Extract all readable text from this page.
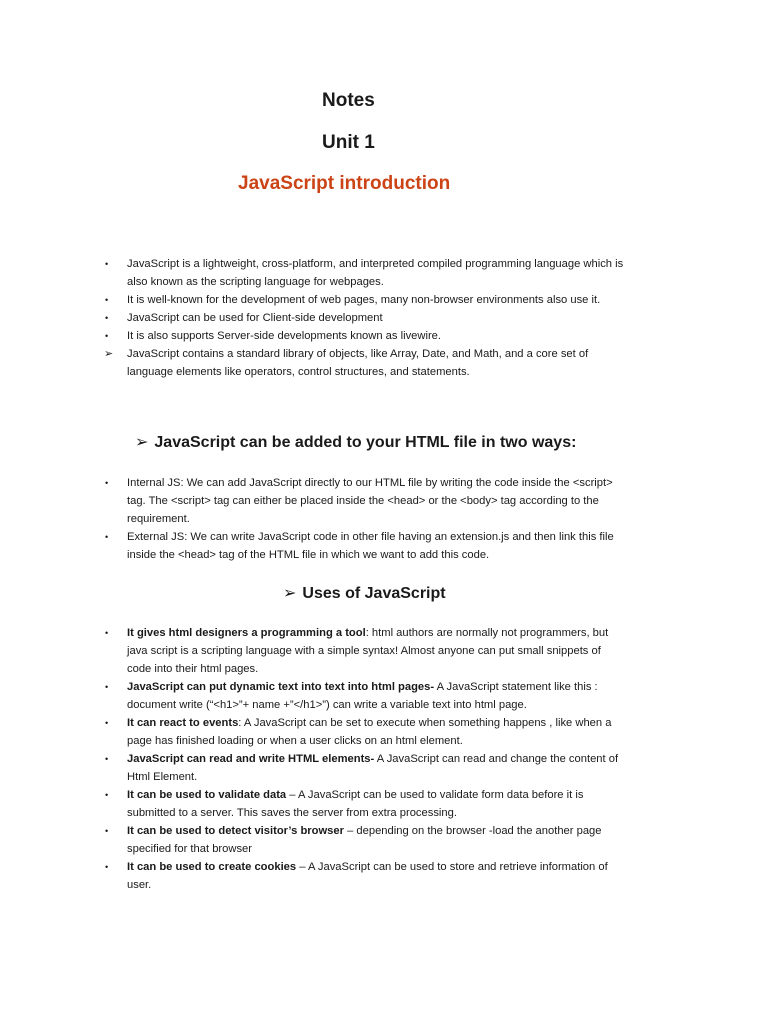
Notes
Unit 1
JavaScript introduction
•	JavaScript is a lightweight, cross-platform, and interpreted compiled programming language which is also known as the scripting language for webpages.
•	It is well-known for the development of web pages, many non-browser environments also use it.
•	JavaScript can be used for Client-side development
•	It is also supports Server-side developments known as livewire.
➢ JavaScript contains a standard library of objects, like Array, Date, and Math, and a core set of language elements like operators, control structures, and statements.
➢ JavaScript can be added to your HTML file in two ways:
•	Internal JS: We can add JavaScript directly to our HTML file by writing the code inside the <script> tag. The <script> tag can either be placed inside the <head> or the <body> tag according to the requirement.
•	External JS: We can write JavaScript code in other file having an extension.js and then link this file inside the <head> tag of the HTML file in which we want to add this code.
➢ Uses of JavaScript
•	It gives html designers a programming a tool: html authors are normally not programmers, but java script is a scripting language with a simple syntax! Almost anyone can put small snippets of code into their html pages.
•	JavaScript can put dynamic text into text into html pages- A JavaScript statement like this : document write (“<h1>”+ name +”</h1>”) can write a variable text into html page.
•	It can react to events: A JavaScript can be set to execute when something happens , like when a page has finished loading or when a user clicks on an html element.
•	JavaScript can read and write HTML elements- A JavaScript can read and change the content of Html Element.
•	It can be used to validate data – A JavaScript can be used to validate form data before it is submitted to a server. This saves the server from extra processing.
•	It can be used to detect visitor’s browser – depending on the browser -load the another page specified for that browser
•	It can be used to create cookies – A JavaScript can be used to store and retrieve information of user.
